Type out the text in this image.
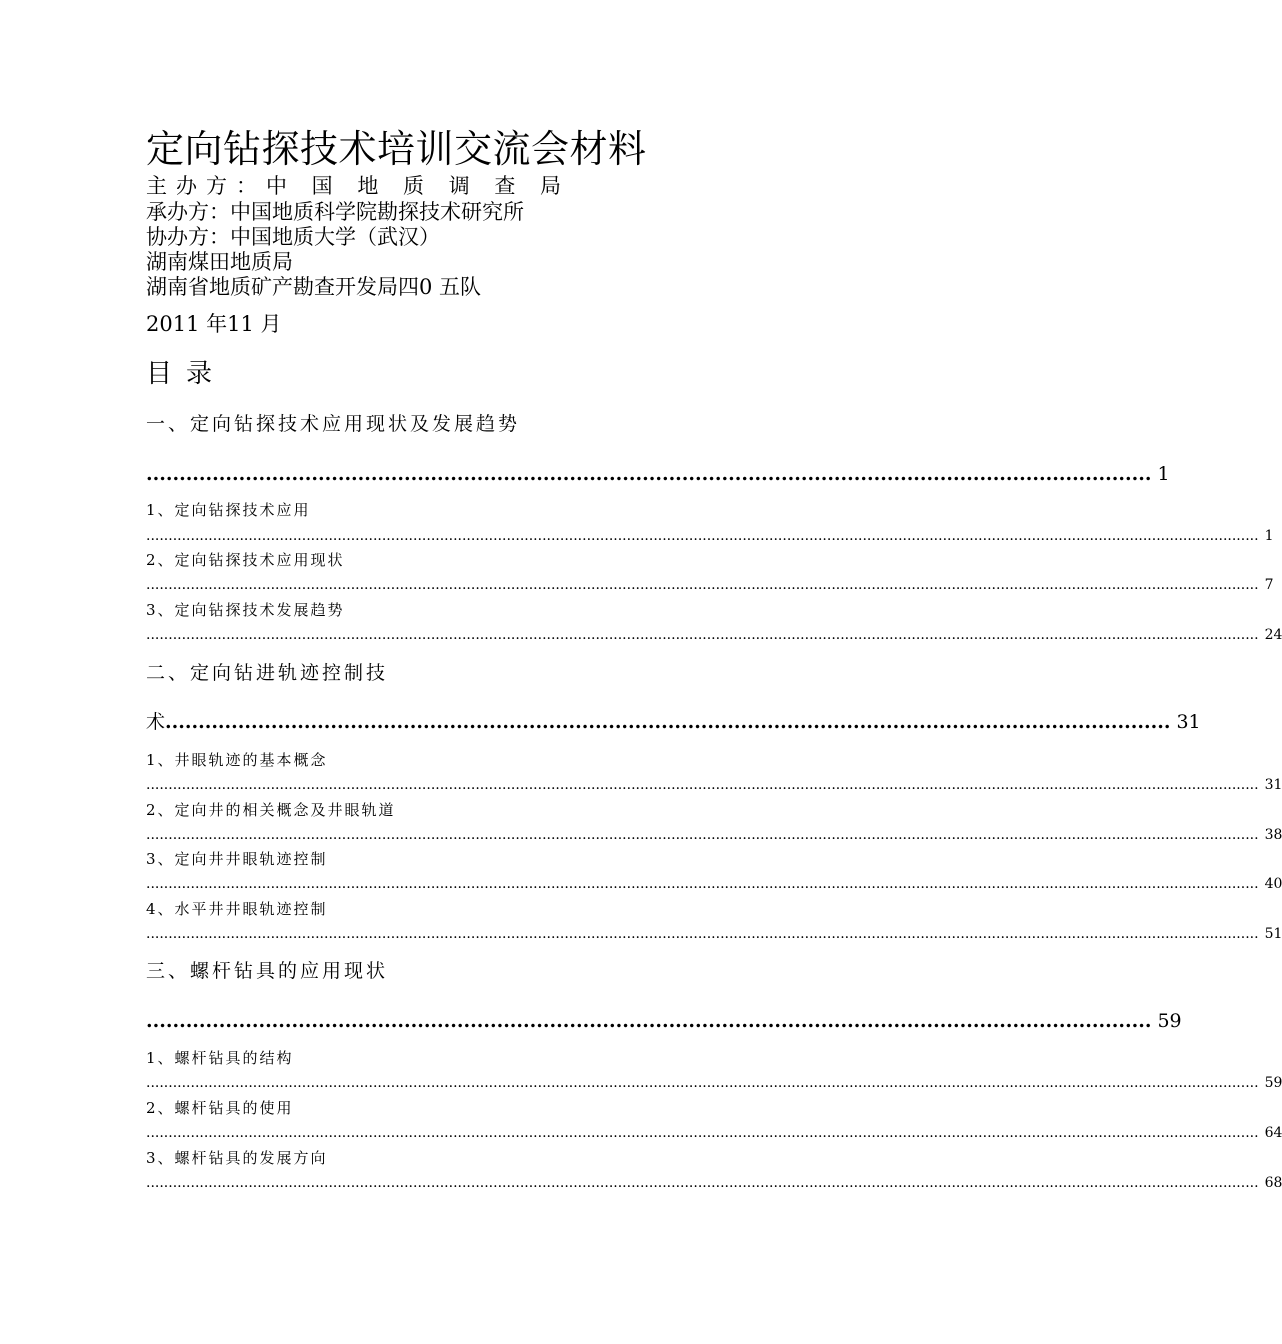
定向钻探技术培训交流会材料
主办方：中 国 地 质 调 查 局
承办方：中国地质科学院勘探技术研究所
协办方：中国地质大学（武汉）
湖南煤田地质局
湖南省地质矿产勘查开发局四0 五队
2011 年11 月
目录
一、定向钻探技术应用现状及发展趋势
........................................................................................................................................................ 1
1、定向钻探技术应用
.......................................................................................................................................................................................................................................................... 1
2、定向钻探技术应用现状
.......................................................................................................................................................................................................................................................... 7
3、定向钻探技术发展趋势
.......................................................................................................................................................................................................................................................... 24
二、定向钻进轨迹控制技
术 ........................................................................................................................................................ 31
1、井眼轨迹的基本概念
.......................................................................................................................................................................................................................................................... 31
2、定向井的相关概念及井眼轨道
.......................................................................................................................................................................................................................................................... 38
3、定向井井眼轨迹控制
.......................................................................................................................................................................................................................................................... 40
4、水平井井眼轨迹控制
.......................................................................................................................................................................................................................................................... 51
三、螺杆钻具的应用现状
........................................................................................................................................................ 59
1、螺杆钻具的结构
.......................................................................................................................................................................................................................................................... 59
2、螺杆钻具的使用
.......................................................................................................................................................................................................................................................... 64
3、螺杆钻具的发展方向
.......................................................................................................................................................................................................................................................... 68
